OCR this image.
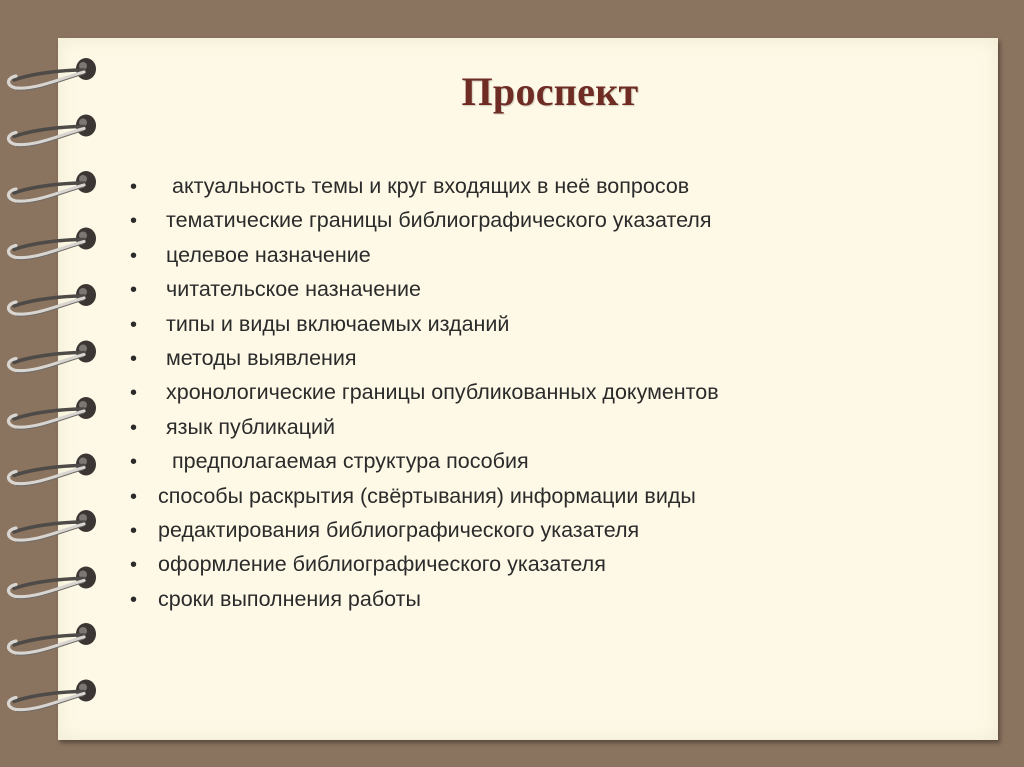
Проспект
• актуальность темы и круг входящих в неё вопросов
• тематические границы библиографического указателя
• целевое назначение
• читательское назначение
• типы и виды включаемых изданий
• методы выявления
• хронологические границы опубликованных документов
• язык публикаций
• предполагаемая структура пособия
• способы раскрытия (свёртывания) информации виды
• редактирования библиографического указателя
• оформление библиографического указателя
• сроки выполнения работы
